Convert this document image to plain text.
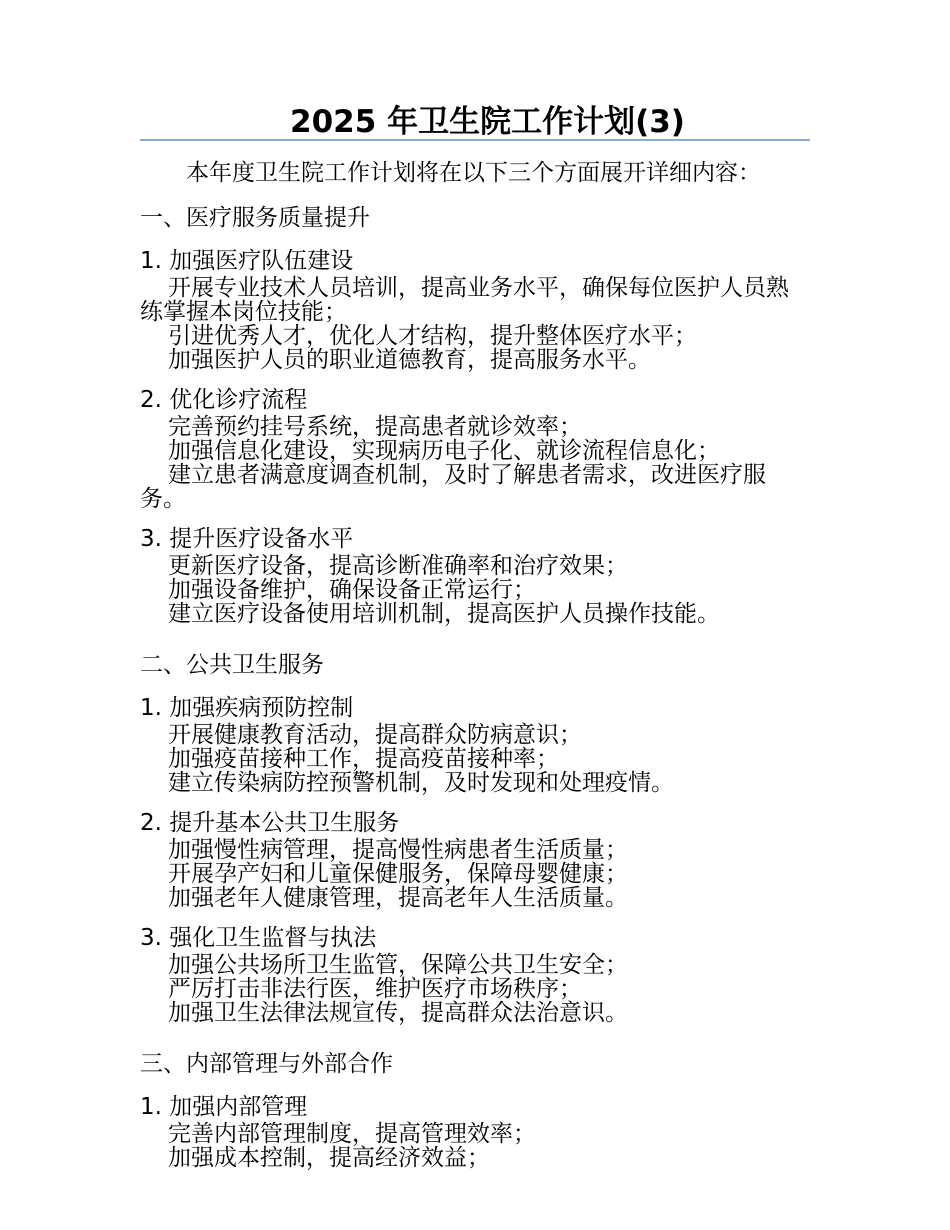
2025 年卫生院工作计划(3)

本年度卫生院工作计划将在以下三个方面展开详细内容：

一、医疗服务质量提升

1. 加强医疗队伍建设

开展专业技术人员培训，提高业务水平，确保每位医护人员熟练掌握本岗位技能；

引进优秀人才，优化人才结构，提升整体医疗水平；

加强医护人员的职业道德教育，提高服务水平。

2. 优化诊疗流程

完善预约挂号系统，提高患者就诊效率；

加强信息化建设，实现病历电子化、就诊流程信息化；

建立患者满意度调查机制，及时了解患者需求，改进医疗服务。

3. 提升医疗设备水平

更新医疗设备，提高诊断准确率和治疗效果；

加强设备维护，确保设备正常运行；

建立医疗设备使用培训机制，提高医护人员操作技能。

二、公共卫生服务

1. 加强疾病预防控制

开展健康教育活动，提高群众防病意识；

加强疫苗接种工作，提高疫苗接种率；

建立传染病防控预警机制，及时发现和处理疫情。

2. 提升基本公共卫生服务

加强慢性病管理，提高慢性病患者生活质量；

开展孕产妇和儿童保健服务，保障母婴健康；

加强老年人健康管理，提高老年人生活质量。

3. 强化卫生监督与执法

加强公共场所卫生监管，保障公共卫生安全；

严厉打击非法行医，维护医疗市场秩序；

加强卫生法律法规宣传，提高群众法治意识。

三、内部管理与外部合作

1. 加强内部管理

完善内部管理制度，提高管理效率；

加强成本控制，提高经济效益；
